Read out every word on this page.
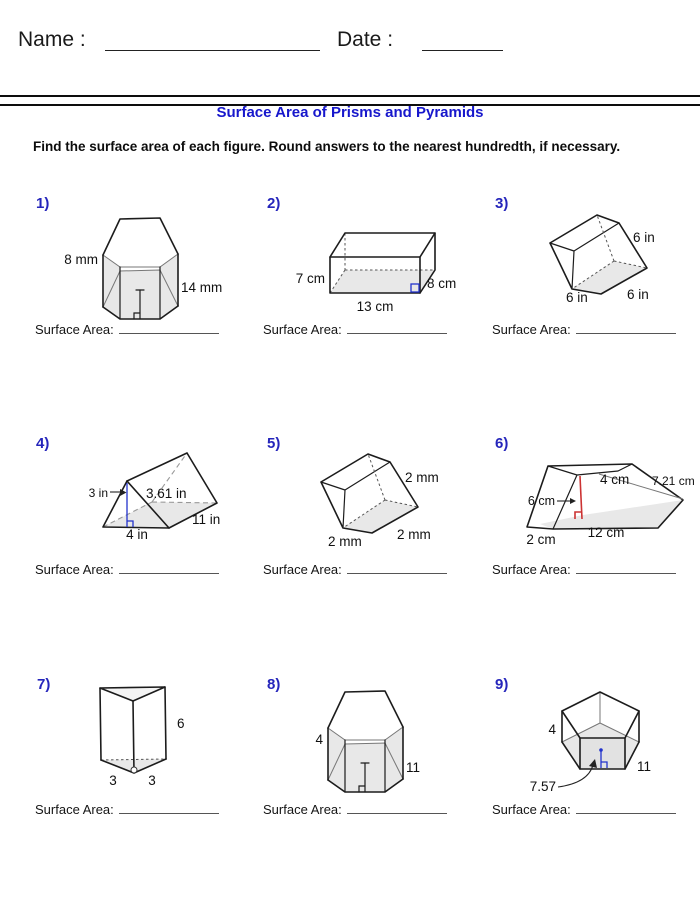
Name :	Date :
Surface Area of Prisms and Pyramids
Find the surface area of each figure. Round answers to the nearest hundredth, if necessary.
1)	2)	3)
4)	5)	6)
7)	8)	9)
8 mm
14 mm
Surface Area:
7 cm
13 cm
8 cm
Surface Area:
6 in
6 in	6 in
Surface Area:
3 in	3.61 in
11 in
4 in
Surface Area:
2 mm
2 mm	2 mm
Surface Area:
6 cm
4 cm 7.21 cm
12 cm
2 cm
Surface Area:
6
3 3
Surface Area:
4
11
Surface Area:
4
11
7.57
Surface Area:
